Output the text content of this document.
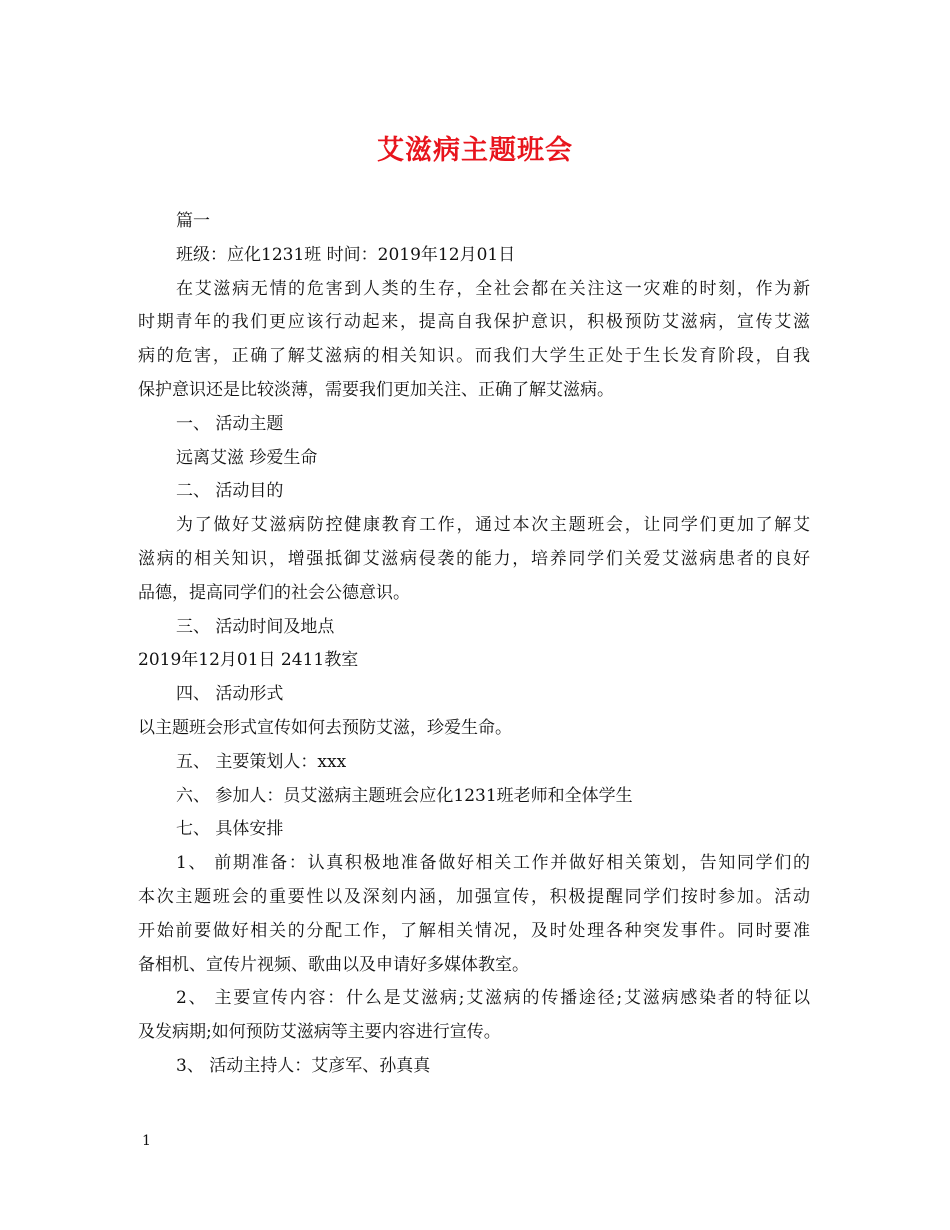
艾滋病主题班会
篇一
班级：应化1231班 时间：2019年12月01日
在艾滋病无情的危害到人类的生存，全社会都在关注这一灾难的时刻，作为新
时期青年的我们更应该行动起来，提高自我保护意识，积极预防艾滋病，宣传艾滋
病的危害，正确了解艾滋病的相关知识。而我们大学生正处于生长发育阶段，自我
保护意识还是比较淡薄，需要我们更加关注、正确了解艾滋病。
一、 活动主题
远离艾滋 珍爱生命
二、 活动目的
为了做好艾滋病防控健康教育工作，通过本次主题班会，让同学们更加了解艾
滋病的相关知识，增强抵御艾滋病侵袭的能力，培养同学们关爱艾滋病患者的良好
品德，提高同学们的社会公德意识。
三、 活动时间及地点
2019年12月01日 2411教室
四、 活动形式
以主题班会形式宣传如何去预防艾滋，珍爱生命。
五、 主要策划人：xxx
六、 参加人：员艾滋病主题班会应化1231班老师和全体学生
七、 具体安排
1、 前期准备：认真积极地准备做好相关工作并做好相关策划，告知同学们的
本次主题班会的重要性以及深刻内涵，加强宣传，积极提醒同学们按时参加。活动
开始前要做好相关的分配工作，了解相关情况，及时处理各种突发事件。同时要准
备相机、宣传片视频、歌曲以及申请好多媒体教室。
2、 主要宣传内容：什么是艾滋病;艾滋病的传播途径;艾滋病感染者的特征以
及发病期;如何预防艾滋病等主要内容进行宣传。
3、 活动主持人：艾彦军、孙真真
1
